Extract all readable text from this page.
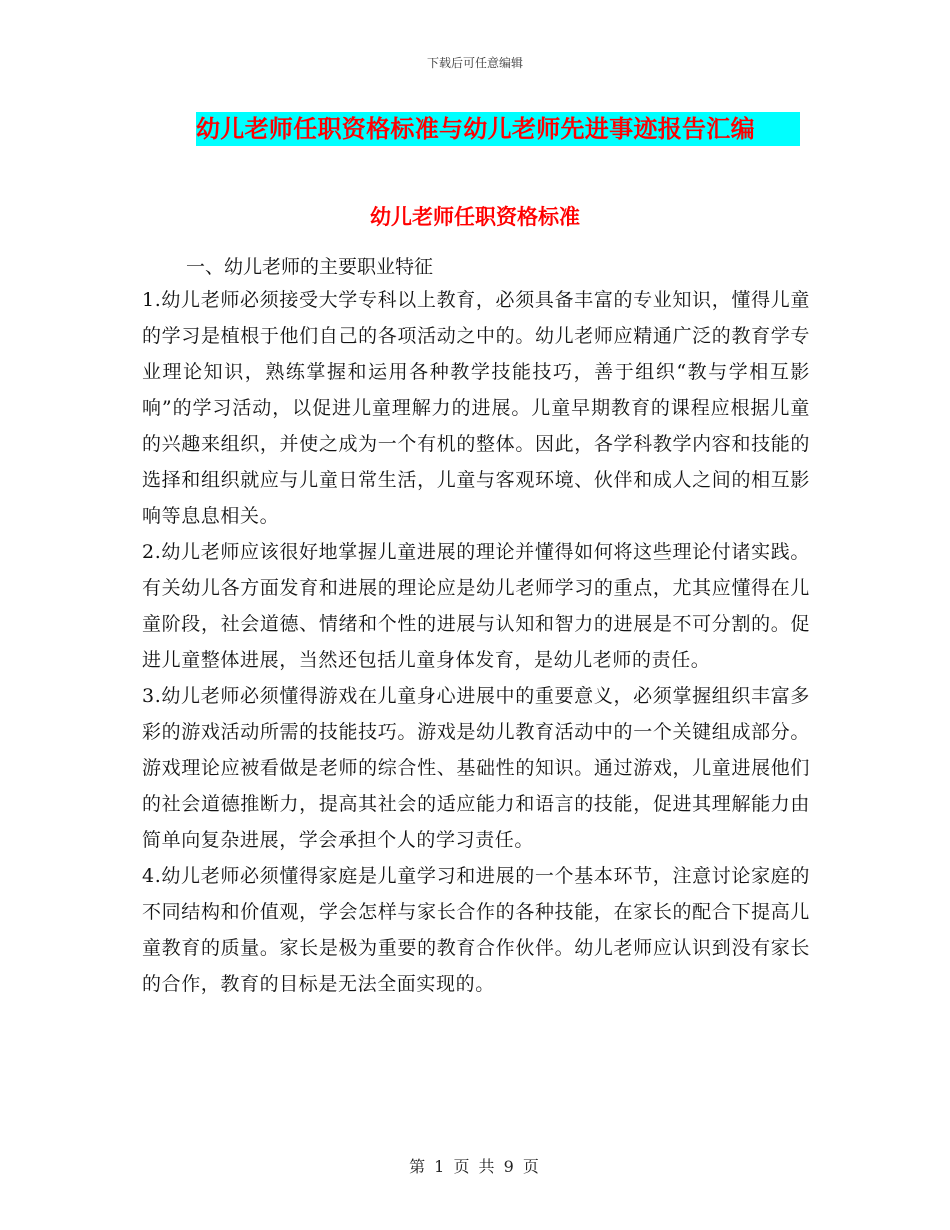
下载后可任意编辑
幼儿老师任职资格标准与幼儿老师先进事迹报告汇编
幼儿老师任职资格标准
一、幼儿老师的主要职业特征

1.幼儿老师必须接受大学专科以上教育，必须具备丰富的专业知识，懂得儿童的学习是植根于他们自己的各项活动之中的。幼儿老师应精通广泛的教育学专业理论知识，熟练掌握和运用各种教学技能技巧，善于组织“教与学相互影响”的学习活动，以促进儿童理解力的进展。儿童早期教育的课程应根据儿童的兴趣来组织，并使之成为一个有机的整体。因此，各学科教学内容和技能的选择和组织就应与儿童日常生活，儿童与客观环境、伙伴和成人之间的相互影响等息息相关。

2.幼儿老师应该很好地掌握儿童进展的理论并懂得如何将这些理论付诸实践。有关幼儿各方面发育和进展的理论应是幼儿老师学习的重点，尤其应懂得在儿童阶段，社会道德、情绪和个性的进展与认知和智力的进展是不可分割的。促进儿童整体进展，当然还包括儿童身体发育，是幼儿老师的责任。

3.幼儿老师必须懂得游戏在儿童身心进展中的重要意义，必须掌握组织丰富多彩的游戏活动所需的技能技巧。游戏是幼儿教育活动中的一个关键组成部分。游戏理论应被看做是老师的综合性、基础性的知识。通过游戏，儿童进展他们的社会道德推断力，提高其社会的适应能力和语言的技能，促进其理解能力由简单向复杂进展，学会承担个人的学习责任。

4.幼儿老师必须懂得家庭是儿童学习和进展的一个基本环节，注意讨论家庭的不同结构和价值观，学会怎样与家长合作的各种技能，在家长的配合下提高儿童教育的质量。家长是极为重要的教育合作伙伴。幼儿老师应认识到没有家长的合作，教育的目标是无法全面实现的。

第 1 页 共 9 页
